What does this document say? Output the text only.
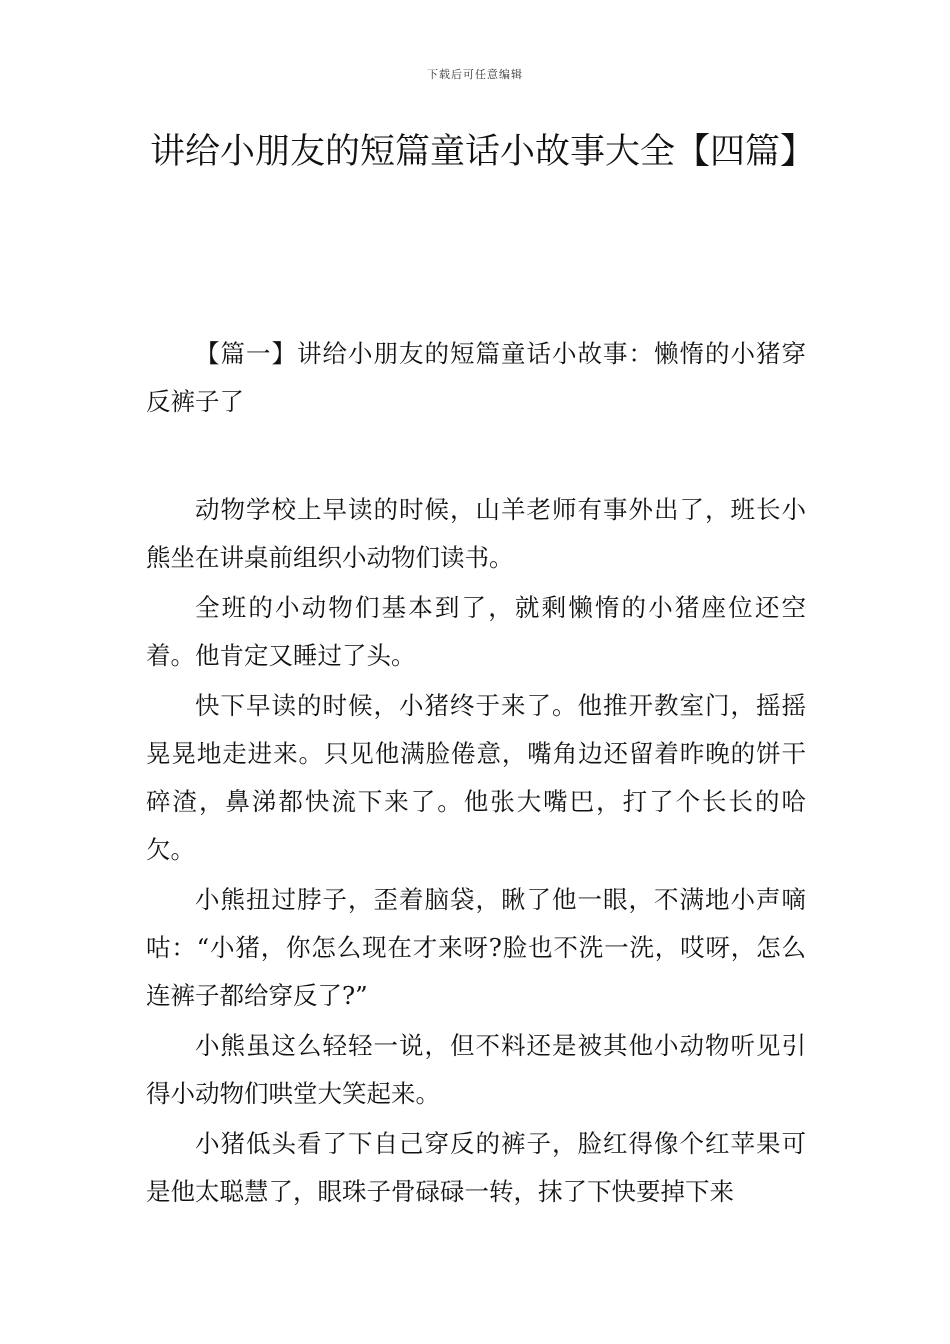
下载后可任意编辑
讲给小朋友的短篇童话小故事大全【四篇】

【篇一】讲给小朋友的短篇童话小故事：懒惰的小猪穿反裤子了

动物学校上早读的时候，山羊老师有事外出了，班长小熊坐在讲桌前组织小动物们读书。

全班的小动物们基本到了，就剩懒惰的小猪座位还空着。他肯定又睡过了头。

快下早读的时候，小猪终于来了。他推开教室门，摇摇晃晃地走进来。只见他满脸倦意，嘴角边还留着昨晚的饼干碎渣，鼻涕都快流下来了。他张大嘴巴，打了个长长的哈欠。

小熊扭过脖子，歪着脑袋，瞅了他一眼，不满地小声嘀咕：“小猪，你怎么现在才来呀?脸也不洗一洗，哎呀，怎么连裤子都给穿反了?”

小熊虽这么轻轻一说，但不料还是被其他小动物听见引得小动物们哄堂大笑起来。

小猪低头看了下自己穿反的裤子，脸红得像个红苹果可是他太聪慧了，眼珠子骨碌碌一转，抹了下快要掉下来
